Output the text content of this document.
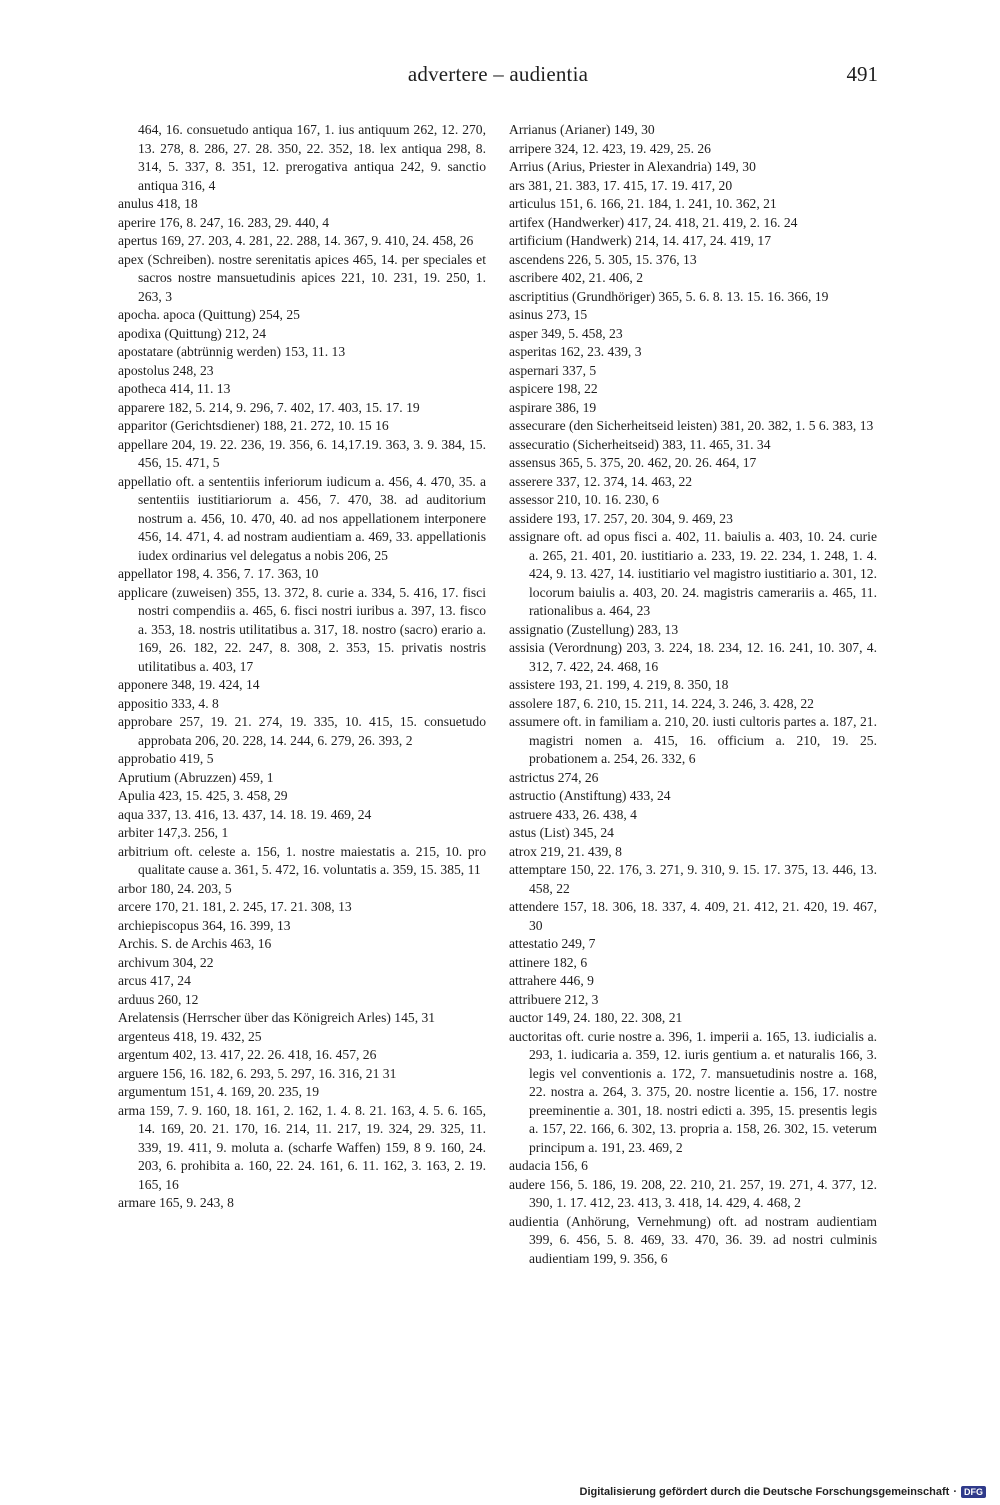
advertere – audientia	491

464, 16. consuetudo antiqua 167, 1. ius antiquum 262, 12. 270, 13. 278, 8. 286, 27. 28. 350, 22. 352, 18. lex antiqua 298, 8. 314, 5. 337, 8. 351, 12. prerogativa antiqua 242, 9. sanctio antiqua 316, 4

anulus 418, 18

aperire 176, 8. 247, 16. 283, 29. 440, 4

apertus 169, 27. 203, 4. 281, 22. 288, 14. 367, 9. 410, 24. 458, 26

apex (Schreiben). nostre serenitatis apices 465, 14. per speciales et sacros nostre mansuetudinis apices 221, 10. 231, 19. 250, 1. 263, 3

apocha. apoca (Quittung) 254, 25

apodixa (Quittung) 212, 24

apostatare (abtrünnig werden) 153, 11. 13

apostolus 248, 23

apotheca 414, 11. 13

apparere 182, 5. 214, 9. 296, 7. 402, 17. 403, 15. 17. 19

apparitor (Gerichtsdiener) 188, 21. 272, 10. 15 16

appellare 204, 19. 22. 236, 19. 356, 6. 14,17.19. 363, 3. 9. 384, 15. 456, 15. 471, 5

appellatio oft. a sententiis inferiorum iudicum a. 456, 4. 470, 35. a sententiis iustitiariorum a. 456, 7. 470, 38. ad auditorium nostrum a. 456, 10. 470, 40. ad nos appellationem interponere 456, 14. 471, 4. ad nostram audientiam a. 469, 33. appellationis iudex ordinarius vel delegatus a nobis 206, 25

appellator 198, 4. 356, 7. 17. 363, 10

applicare (zuweisen) 355, 13. 372, 8. curie a. 334, 5. 416, 17. fisci nostri compendiis a. 465, 6. fisci nostri iuribus a. 397, 13. fisco a. 353, 18. nostris utilitatibus a. 317, 18. nostro (sacro) erario a. 169, 26. 182, 22. 247, 8. 308, 2. 353, 15. privatis nostris utilitatibus a. 403, 17

apponere 348, 19. 424, 14

appositio 333, 4. 8

approbare 257, 19. 21. 274, 19. 335, 10. 415, 15. consuetudo approbata 206, 20. 228, 14. 244, 6. 279, 26. 393, 2

approbatio 419, 5

Aprutium (Abruzzen) 459, 1

Apulia 423, 15. 425, 3. 458, 29

aqua 337, 13. 416, 13. 437, 14. 18. 19. 469, 24

arbiter 147,3. 256, 1

arbitrium oft. celeste a. 156, 1. nostre maiestatis a. 215, 10. pro qualitate cause a. 361, 5. 472, 16. voluntatis a. 359, 15. 385, 11

arbor 180, 24. 203, 5

arcere 170, 21. 181, 2. 245, 17. 21. 308, 13

archiepiscopus 364, 16. 399, 13

Archis. S. de Archis 463, 16

archivum 304, 22

arcus 417, 24

arduus 260, 12

Arelatensis (Herrscher über das Königreich Arles) 145, 31

argenteus 418, 19. 432, 25

argentum 402, 13. 417, 22. 26. 418, 16. 457, 26

arguere 156, 16. 182, 6. 293, 5. 297, 16. 316, 21 31

argumentum 151, 4. 169, 20. 235, 19

arma 159, 7. 9. 160, 18. 161, 2. 162, 1. 4. 8. 21. 163, 4. 5. 6. 165, 14. 169, 20. 21. 170, 16. 214, 11. 217, 19. 324, 29. 325, 11. 339, 19. 411, 9. moluta a. (scharfe Waffen) 159, 8 9. 160, 24. 203, 6. prohibita a. 160, 22. 24. 161, 6. 11. 162, 3. 163, 2. 19. 165, 16

armare 165, 9. 243, 8

Arrianus (Arianer) 149, 30

arripere 324, 12. 423, 19. 429, 25. 26

Arrius (Arius, Priester in Alexandria) 149, 30

ars 381, 21. 383, 17. 415, 17. 19. 417, 20

articulus 151, 6. 166, 21. 184, 1. 241, 10. 362, 21

artifex (Handwerker) 417, 24. 418, 21. 419, 2. 16. 24

artificium (Handwerk) 214, 14. 417, 24. 419, 17

ascendens 226, 5. 305, 15. 376, 13

ascribere 402, 21. 406, 2

ascriptitius (Grundhöriger) 365, 5. 6. 8. 13. 15. 16. 366, 19

asinus 273, 15

asper 349, 5. 458, 23

asperitas 162, 23. 439, 3

aspernari 337, 5

aspicere 198, 22

aspirare 386, 19

assecurare (den Sicherheitseid leisten) 381, 20. 382, 1. 5 6. 383, 13

assecuratio (Sicherheitseid) 383, 11. 465, 31. 34

assensus 365, 5. 375, 20. 462, 20. 26. 464, 17

asserere 337, 12. 374, 14. 463, 22

assessor 210, 10. 16. 230, 6

assidere 193, 17. 257, 20. 304, 9. 469, 23

assignare oft. ad opus fisci a. 402, 11. baiulis a. 403, 10. 24. curie a. 265, 21. 401, 20. iustitiario a. 233, 19. 22. 234, 1. 248, 1. 4. 424, 9. 13. 427, 14. iustitiario vel magistro iustitiario a. 301, 12. locorum baiulis a. 403, 20. 24. magistris camerariis a. 465, 11. rationalibus a. 464, 23

assignatio (Zustellung) 283, 13

assisia (Verordnung) 203, 3. 224, 18. 234, 12. 16. 241, 10. 307, 4. 312, 7. 422, 24. 468, 16

assistere 193, 21. 199, 4. 219, 8. 350, 18

assolere 187, 6. 210, 15. 211, 14. 224, 3. 246, 3. 428, 22

assumere oft. in familiam a. 210, 20. iusti cultoris partes a. 187, 21. magistri nomen a. 415, 16. officium a. 210, 19. 25. probationem a. 254, 26. 332, 6

astrictus 274, 26

astructio (Anstiftung) 433, 24

astruere 433, 26. 438, 4

astus (List) 345, 24

atrox 219, 21. 439, 8

attemptare 150, 22. 176, 3. 271, 9. 310, 9. 15. 17. 375, 13. 446, 13. 458, 22

attendere 157, 18. 306, 18. 337, 4. 409, 21. 412, 21. 420, 19. 467, 30

attestatio 249, 7

attinere 182, 6

attrahere 446, 9

attribuere 212, 3

auctor 149, 24. 180, 22. 308, 21

auctoritas oft. curie nostre a. 396, 1. imperii a. 165, 13. iudicialis a. 293, 1. iudicaria a. 359, 12. iuris gentium a. et naturalis 166, 3. legis vel conventionis a. 172, 7. mansuetudinis nostre a. 168, 22. nostra a. 264, 3. 375, 20. nostre licentie a. 156, 17. nostre preeminentie a. 301, 18. nostri edicti a. 395, 15. presentis legis a. 157, 22. 166, 6. 302, 13. propria a. 158, 26. 302, 15. veterum principum a. 191, 23. 469, 2

audacia 156, 6

audere 156, 5. 186, 19. 208, 22. 210, 21. 257, 19. 271, 4. 377, 12. 390, 1. 17. 412, 23. 413, 3. 418, 14. 429, 4. 468, 2

audientia (Anhörung, Vernehmung) oft. ad nostram audientiam 399, 6. 456, 5. 8. 469, 33. 470, 36. 39. ad nostri culminis audientiam 199, 9. 356, 6

Digitalisierung gefördert durch die Deutsche Forschungsgemeinschaft · DFG
